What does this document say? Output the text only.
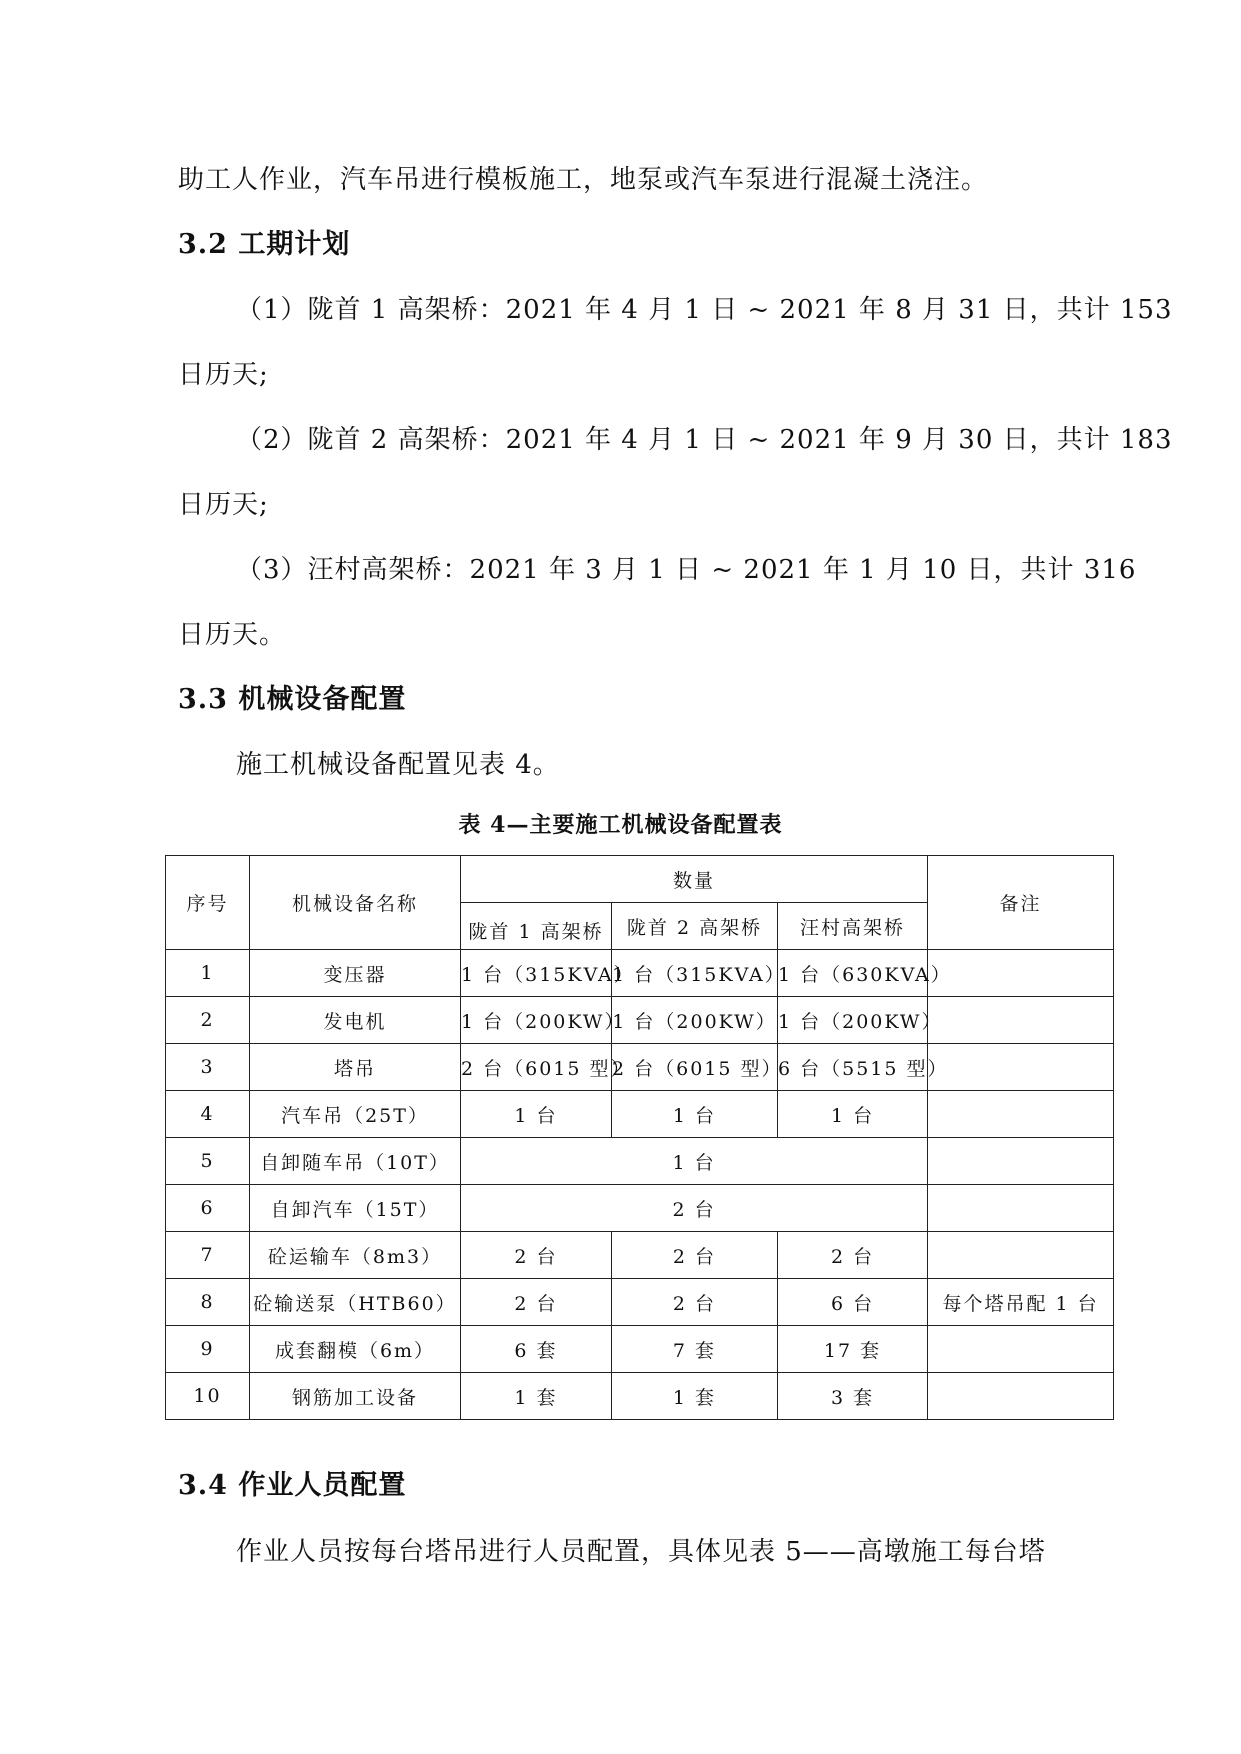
助工人作业，汽车吊进行模板施工，地泵或汽车泵进行混凝土浇注。
3.2 工期计划
（1）陇首 1 高架桥：2021 年 4 月 1 日 ~ 2021 年 8 月 31 日，共计 153
日历天;
（2）陇首 2 高架桥：2021 年 4 月 1 日 ~ 2021 年 9 月 30 日，共计 183
日历天;
（3）汪村高架桥：2021 年 3 月 1 日 ~ 2021 年 1 月 10 日，共计 316
日历天。
3.3 机械设备配置
施工机械设备配置见表 4。
表 4—主要施工机械设备配置表
序号	机械设备名称	数量			备注

		陇首 1 高架桥	陇首 2 高架桥	汪村高架桥	
1	变压器	1 台（315KVA）	1 台（315KVA）	1 台（630KVA）	
2	发电机	1 台（200KW）	1 台（200KW）	1 台（200KW）	
3	塔吊	2 台（6015 型）	2 台（6015 型）	6 台（5515 型）	
4	汽车吊（25T）	1 台	1 台	1 台	
5	自卸随车吊（10T）	1 台			
6	自卸汽车（15T）	2 台			
7	砼运输车（8m3）	2 台	2 台	2 台	
8	砼输送泵（HTB60）	2 台	2 台	6 台	每个塔吊配 1 台
9	成套翻模（6m）	6 套	7 套	17 套	
10	钢筋加工设备	1 套	1 套	3 套	
3.4 作业人员配置
作业人员按每台塔吊进行人员配置，具体见表 5——高墩施工每台塔
